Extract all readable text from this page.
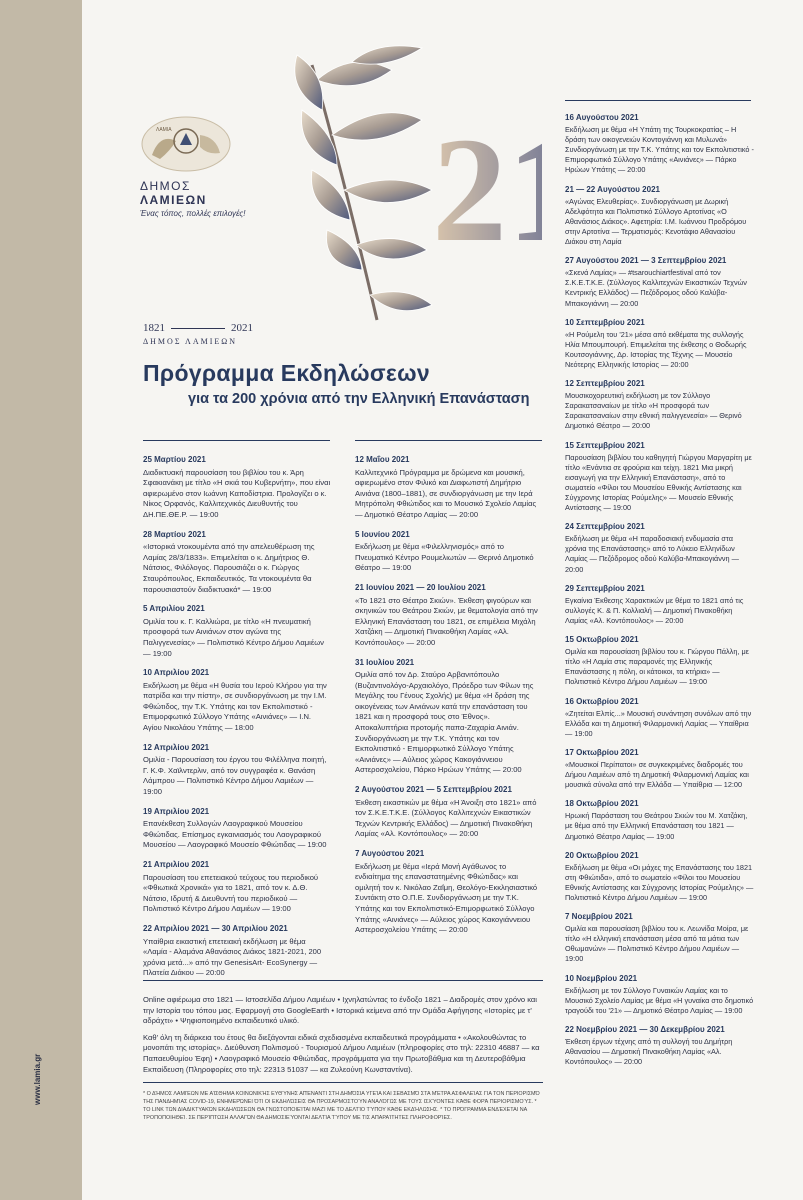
www.lamia.gr
ΛΑΜΙΑ
ΔΗΜΟΣ ΛΑΜΙΕΩΝ
Ένας τόπος, πολλές επιλογές! 2
1821	2021
ΔΗΜΟΣ ΛΑΜΙΕΩΝ
Πρόγραμμα Εκδηλώσεων
για τα 200 χρόνια από την Ελληνική Επανάσταση
25 Μαρτίου 2021
Διαδικτυακή παρουσίαση του βιβλίου του κ. Άρη Σφακιανάκη με τίτλο «Η σκιά του Κυβερνήτη», που είναι αφιερωμένο στον Ιωάννη Καποδίστρια. Προλογίζει ο κ. Νίκος Ορφανός, Καλλιτεχνικός Διευθυντής του ΔΗ.ΠΕ.ΘΕ.Ρ. — 19:00
28 Μαρτίου 2021
«Ιστορικά ντοκουμέντα από την απελευθέρωση της Λαμίας 28/3/1833». Επιμελείται ο κ. Δημήτριος Θ. Νάτσιος, Φιλόλογος. Παρουσιάζει ο κ. Γιώργος Σταυρόπουλος, Εκπαιδευτικός. Τα ντοκουμέντα θα παρουσιαστούν διαδικτυακά* — 19:00
5 Απριλίου 2021
Ομιλία του κ. Γ. Καλλιώρα, με τίτλο «Η πνευματική προσφορά των Αινιάνων στον αγώνα της Παλιγγενεσίας» — Πολιτιστικό Κέντρο Δήμου Λαμιέων — 19:00
10 Απριλίου 2021
Εκδήλωση με θέμα «Η θυσία του Ιερού Κλήρου για την πατρίδα και την πίστη», σε συνδιοργάνωση με την Ι.Μ. Φθιώτιδος, την Τ.Κ. Υπάτης και τον Εκπολιτιστικό - Επιμορφωτικό Σύλλογο Υπάτης «Αινιάνες» — Ι.Ν. Αγίου Νικολάου Υπάτης — 18:00
12 Απριλίου 2021
Ομιλία - Παρουσίαση του έργου του Φιλέλληνα ποιητή, Γ. Κ.Φ. Χαϊλντερλιν, από τον συγγραφέα κ. Θανάση Λάμπρου — Πολιτιστικό Κέντρο Δήμου Λαμιέων — 19:00
19 Απριλίου 2021
Επανέκθεση Συλλογών Λαογραφικού Μουσείου Φθιώτιδας. Επίσημος εγκαινιασμός του Λαογραφικού Μουσείου — Λαογραφικό Μουσείο Φθιώτιδας — 19:00
21 Απριλίου 2021
Παρουσίαση του επετειακού τεύχους του περιοδικού «Φθιωτικά Χρονικά» για το 1821, από τον κ. Δ.Θ. Νάτσιο, Ιδρυτή & Διευθυντή του περιοδικού — Πολιτιστικό Κέντρο Δήμου Λαμιέων — 19:00
22 Απριλίου 2021 — 30 Απριλίου 2021
Υπαίθρια εικαστική επετειακή εκδήλωση με θέμα «Λαμία - Αλαμάνα Αθανάσιος Διάκος 1821-2021, 200 χρόνια μετά...» από την GenesisArt- EcoSynergy — Πλατεία Διάκου — 20:00
12 Μαΐου 2021
Καλλιτεχνικό Πρόγραμμα με δρώμενα και μουσική, αφιερωμένο στον Φιλικό και Διαφωτιστή Δημήτριο Αινιάνα (1800–1881), σε συνδιοργάνωση με την Ιερά Μητρόπολη Φθιώτιδος και το Μουσικό Σχολείο Λαμίας — Δημοτικό Θέατρο Λαμίας — 20:00
5 Ιουνίου 2021
Εκδήλωση με θέμα «Φιλελληνισμός» από το Πνευματικό Κέντρο Ρουμελιωτών — Θερινό Δημοτικό Θέατρο — 19:00
21 Ιουνίου 2021 — 20 Ιουλίου 2021
«Το 1821 στο Θέατρο Σκιών». Έκθεση φιγούρων και σκηνικών του Θεάτρου Σκιών, με θεματολογία από την Ελληνική Επανάσταση του 1821, σε επιμέλεια Μιχάλη Χατζάκη — Δημοτική Πινακοθήκη Λαμίας «Αλ. Κοντόπουλος» — 20:00
31 Ιουλίου 2021
Ομιλία από τον Δρ. Σταύρο Αρβανιτόπουλο (Βυζαντινολόγο-Αρχαιολόγο, Πρόεδρο των Φίλων της Μεγάλης του Γένους Σχολής) με θέμα «Η δράση της οικογένειας των Αινιάνων κατά την επανάσταση του 1821 και η προσφορά τους στο Έθνος». Αποκαλυπτήρια προτομής παπα-Ζαχαρία Αινιάν. Συνδιοργάνωση με την Τ.Κ. Υπάτης και τον Εκπολιτιστικό - Επιμορφωτικό Σύλλογο Υπάτης «Αινιάνες» — Αύλειος χώρος Κακογιάννειου Αστεροσχολείου, Πάρκο Ηρώων Υπάτης — 20:00
2 Αυγούστου 2021 — 5 Σεπτεμβρίου 2021
Έκθεση εικαστικών με θέμα «Η Άνοιξη στο 1821» από τον Σ.Κ.Ε.Τ.Κ.Ε. (Σύλλογος Καλλιτεχνών Εικαστικών Τεχνών Κεντρικής Ελλάδος) — Δημοτική Πινακοθήκη Λαμίας «Αλ. Κοντόπουλος» — 20:00
7 Αυγούστου 2021
Εκδήλωση με θέμα «Ιερά Μονή Αγάθωνος το ενδιαίτημα της επαναστατημένης Φθιώτιδας» και ομιλητή τον κ. Νικόλαο Ζαΐμη, Θεολόγο-Εκκλησιαστικό Συντάκτη στο Ο.Π.Ε. Συνδιοργάνωση με την Τ.Κ. Υπάτης και τον Εκπολιτιστικό-Επιμορφωτικό Σύλλογο Υπάτης «Αινιάνες» — Αύλειος χώρος Κακογιάννειου Αστεροσχολείου Υπάτης — 20:00
16 Αυγούστου 2021
Εκδήλωση με θέμα «Η Υπάτη της Τουρκοκρατίας – Η δράση των οικογενειών Κοντογιάννη και Μυλωνά» Συνδιοργάνωση με την Τ.Κ. Υπάτης και τον Εκπολιτιστικό - Επιμορφωτικό Σύλλογο Υπάτης «Αινιάνες» — Πάρκο Ηρώων Υπάτης — 20:00
21 — 22 Αυγούστου 2021
«Αγώνας Ελευθερίας». Συνδιοργάνωση με Δωρική Αδελφότητα και Πολιτιστικό Σύλλογο Αρτοτίνας «Ο Αθανάσιος Διάκος». Αφετηρία: Ι.Μ. Ιωάννου Προδρόμου στην Αρτοτίνα — Τερματισμός: Κενοτάφιο Αθανασίου Διάκου στη Λαμία
27 Αυγούστου 2021 — 3 Σεπτεμβρίου 2021
«Σκενά Λαμίας» — #tsarouchiartfestival από τον Σ.Κ.Ε.Τ.Κ.Ε. (Σύλλογος Καλλιτεχνών Εικαστικών Τεχνών Κεντρικής Ελλάδος) — Πεζόδρομος οδού Καλύβα-Μπακογιάννη — 20:00
10 Σεπτεμβρίου 2021
«Η Ρούμελη του '21» μέσα από εκθέματα της συλλογής Ηλία Μπουμπουρή. Επιμελείται της έκθεσης ο Θοδωρής Κουτσογιάννης, Δρ. Ιστορίας της Τέχνης — Μουσείο Νεότερης Ελληνικής Ιστορίας — 20:00
12 Σεπτεμβρίου 2021
Μουσικοχορευτική εκδήλωση με τον Σύλλογο Σαρακατσαναίων με τίτλο «Η προσφορά των Σαρακατσαναίων στην εθνική παλιγγενεσία» — Θερινό Δημοτικό Θέατρο — 20:00
15 Σεπτεμβρίου 2021
Παρουσίαση βιβλίου του καθηγητή Γιώργου Μαργαρίτη με τίτλο «Ενάντια σε φρούρια και τείχη. 1821 Μια μικρή εισαγωγή για την Ελληνική Επανάσταση», από το σωματείο «Φίλοι του Μουσείου Εθνικής Αντίστασης και Σύγχρονης Ιστορίας Ρούμελης» — Μουσείο Εθνικής Αντίστασης — 19:00
24 Σεπτεμβρίου 2021
Εκδήλωση με θέμα «Η παραδοσιακή ενδυμασία στα χρόνια της Επανάστασης» από το Λύκειο Ελληνίδων Λαμίας — Πεζόδρομος οδού Καλύβα-Μπακογιάννη — 20:00
29 Σεπτεμβρίου 2021
Εγκαίνια Έκθεσης Χαρακτικών με θέμα το 1821 από τις συλλογές Κ. & Π. Κολλιαλή — Δημοτική Πινακοθήκη Λαμίας «Αλ. Κοντόπουλος» — 20:00
15 Οκτωβρίου 2021
Ομιλία και παρουσίαση βιβλίου του κ. Γιώργου Πάλλη, με τίτλο «Η Λαμία στις παραμονές της Ελληνικής Επανάστασης η πόλη, οι κάτοικοι, τα κτήρια» — Πολιτιστικό Κέντρο Δήμου Λαμιέων — 19:00
16 Οκτωβρίου 2021
«Ζητείται Ελπίς...» Μουσική συνάντηση συνόλων από την Ελλάδα και τη Δημοτική Φιλαρμονική Λαμίας — Υπαίθρια — 19:00
17 Οκτωβρίου 2021
«Μουσικοί Περίπατοι» σε συγκεκριμένες διαδρομές του Δήμου Λαμιέων από τη Δημοτική Φιλαρμονική Λαμίας και μουσικά σύνολα από την Ελλάδα — Υπαίθρια — 12:00
18 Οκτωβρίου 2021
Ηρωική Παράσταση του Θεάτρου Σκιών του Μ. Χατζάκη, με θέμα από την Ελληνική Επανάσταση του 1821 — Δημοτικό Θέατρο Λαμίας — 19:00
20 Οκτωβρίου 2021
Εκδήλωση με θέμα «Οι μάχες της Επανάστασης του 1821 στη Φθιώτιδα», από το σωματείο «Φίλοι του Μουσείου Εθνικής Αντίστασης και Σύγχρονης Ιστορίας Ρούμελης» — Πολιτιστικό Κέντρο Δήμου Λαμιέων — 19:00
7 Νοεμβρίου 2021
Ομιλία και παρουσίαση βιβλίου του κ. Λεωνίδα Μοίρα, με τίτλο «Η ελληνική επανάσταση μέσα από τα μάτια των Οθωμανών» — Πολιτιστικό Κέντρο Δήμου Λαμιέων — 19:00
10 Νοεμβρίου 2021
Εκδήλωση με τον Σύλλογο Γυναικών Λαμίας και το Μουσικό Σχολείο Λαμίας με θέμα «Η γυναίκα στο δημοτικό τραγούδι του '21» — Δημοτικό Θέατρο Λαμίας — 19:00
22 Νοεμβρίου 2021 — 30 Δεκεμβρίου 2021
Έκθεση έργων τέχνης από τη συλλογή του Δημήτρη Αθανασίου — Δημοτική Πινακοθήκη Λαμίας «Αλ. Κοντόπουλος» — 20:00

Online αφιέρωμα στο 1821 — Ιστοσελίδα Δήμου Λαμιέων • Ιχνηλατώντας το ένδοξο 1821 – Διαδρομές στον χρόνο και την Ιστορία του τόπου μας. Εφαρμογή στο GoogleEarth • Ιστορικά κείμενα από την Ομάδα Αφήγησης «Ιστορίες με τ' αδράχτι» • Ψηφιοποιημένο εκπαιδευτικό υλικό.

Καθ' όλη τη διάρκεια του έτους θα διεξάγονται ειδικά σχεδιασμένα εκπαιδευτικά προγράμματα • «Ακολουθώντας το μονοπάτι της ιστορίας». Διεύθυνση Πολιτισμού - Τουρισμού Δήμου Λαμιέων (πληροφορίες στο τηλ: 22310 46887 — κα Παπαευθυμίου Έφη) • Λαογραφικό Μουσείο Φθιώτιδας, προγράμματα για την Πρωτοβάθμια και τη Δευτεροβάθμια Εκπαίδευση (Πληροφορίες στο τηλ: 22313 51037 — κα Ζυλεούνη Κωνσταντίνα).

* Ο ΔΉΜΟΣ ΛΑΜΙΈΩΝ ΜΕ ΑΊΣΘΗΜΑ ΚΟΙΝΩΝΙΚΉΣ ΕΥΘΎΝΗΣ ΑΠΈΝΑΝΤΙ ΣΤΗ ΔΗΜΌΣΙΑ ΥΓΕΊΑ ΚΑΙ ΣΕΒΑΣΜΌ ΣΤΑ ΜΈΤΡΑ ΑΣΦΑΛΕΊΑΣ ΓΙΑ ΤΟΝ ΠΕΡΙΟΡΙΣΜΌ ΤΗΣ ΠΑΝΔΗΜΊΑΣ COVID-19, ΕΝΗΜΕΡΏΝΕΙ ΌΤΙ ΟΙ ΕΚΔΗΛΏΣΕΙΣ ΘΑ ΠΡΟΣΑΡΜΟΣΤΟΎΝ ΑΝΑΛΌΓΩΣ ΜΕ ΤΟΥΣ ΙΣΧΎΟΝΤΕΣ ΚΆΘΕ ΦΟΡΆ ΠΕΡΙΟΡΙΣΜΟΎΣ. * ΤΟ LINK ΤΩΝ ΔΙΑΔΙΚΤΥΑΚΏΝ ΕΚΔΗΛΏΣΕΩΝ ΘΑ ΓΝΩΣΤΟΠΟΙΕΊΤΑΙ ΜΑΖΊ ΜΕ ΤΟ ΔΕΛΤΊΟ ΤΎΠΟΥ ΚΆΘΕ ΕΚΔΉΛΩΣΗΣ. * ΤΟ ΠΡΌΓΡΑΜΜΑ ΕΝΔΈΧΕΤΑΙ ΝΑ ΤΡΟΠΟΠΟΙΗΘΕΊ. ΣΕ ΠΕΡΊΠΤΩΣΗ ΑΛΛΑΓΏΝ ΘΑ ΔΗΜΟΣΙΕΎΟΝΤΑΙ ΔΕΛΤΊΑ ΤΎΠΟΥ ΜΕ ΤΙΣ ΑΠΑΡΑΊΤΗΤΕΣ ΠΛΗΡΟΦΟΡΊΕΣ.
